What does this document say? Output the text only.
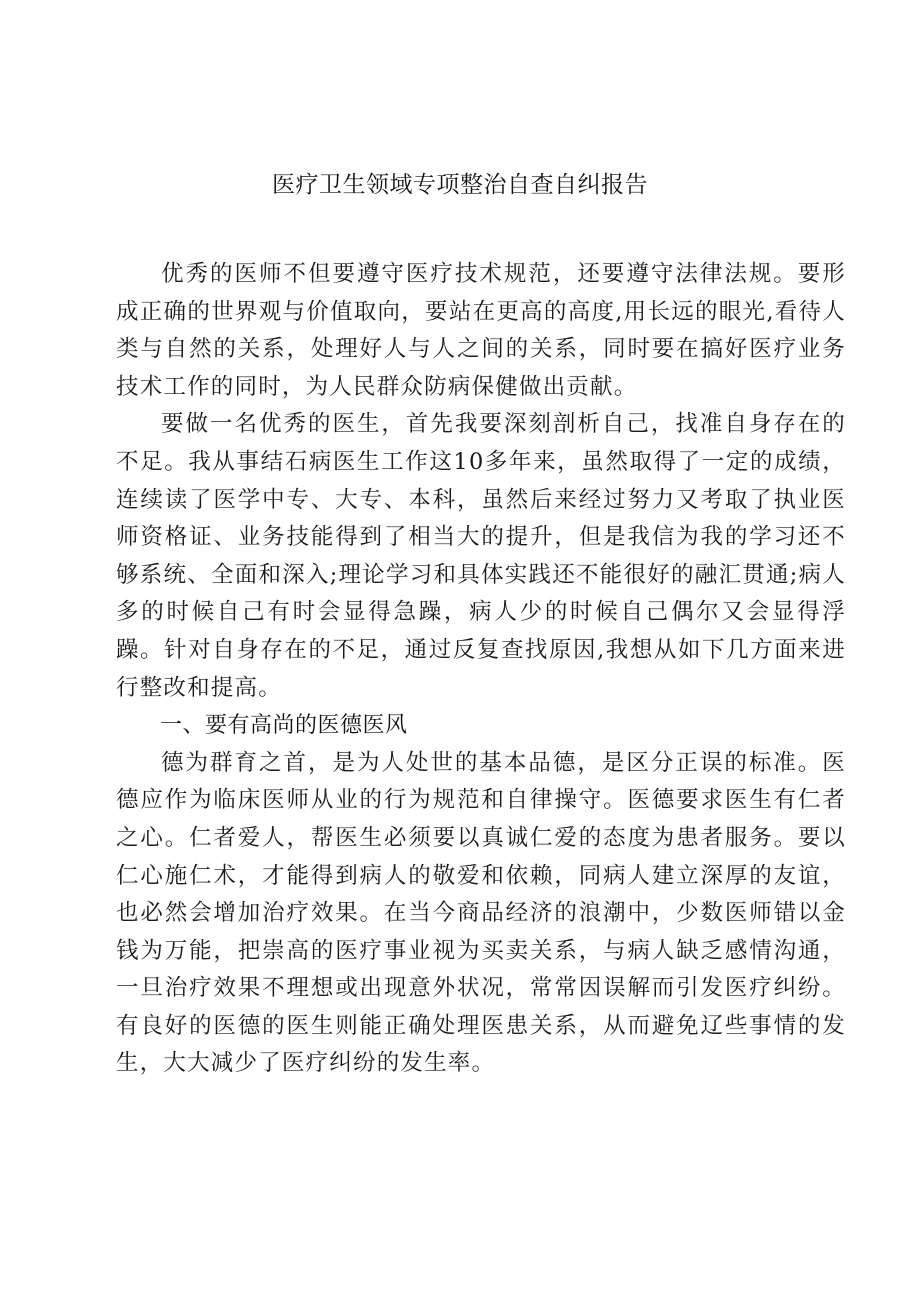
医疗卫生领域专项整治自查自纠报告

优秀的医师不但要遵守医疗技术规范，还要遵守法律法规。要形成正确的世界观与价值取向，要站在更高的高度,用长远的眼光,看待人类与自然的关系，处理好人与人之间的关系，同时要在搞好医疗业务技术工作的同时，为人民群众防病保健做出贡献。

要做一名优秀的医生，首先我要深刻剖析自己，找准自身存在的不足。我从事结石病医生工作这10多年来，虽然取得了一定的成绩，连续读了医学中专、大专、本科，虽然后来经过努力又考取了执业医师资格证、业务技能得到了相当大的提升，但是我信为我的学习还不够系统、全面和深入;理论学习和具体实践还不能很好的融汇贯通;病人多的时候自己有时会显得急躁，病人少的时候自己偶尔又会显得浮躁。针对自身存在的不足，通过反复查找原因,我想从如下几方面来进行整改和提高。

一、要有高尚的医德医风

德为群育之首，是为人处世的基本品德，是区分正误的标准。医德应作为临床医师从业的行为规范和自律操守。医德要求医生有仁者之心。仁者爱人，帮医生必须要以真诚仁爱的态度为患者服务。要以仁心施仁术，才能得到病人的敬爱和依赖，同病人建立深厚的友谊，也必然会增加治疗效果。在当今商品经济的浪潮中，少数医师错以金钱为万能，把崇高的医疗事业视为买卖关系，与病人缺乏感情沟通，一旦治疗效果不理想或出现意外状况，常常因误解而引发医疗纠纷。有良好的医德的医生则能正确处理医患关系，从而避免辽些事情的发生，大大减少了医疗纠纷的发生率。
